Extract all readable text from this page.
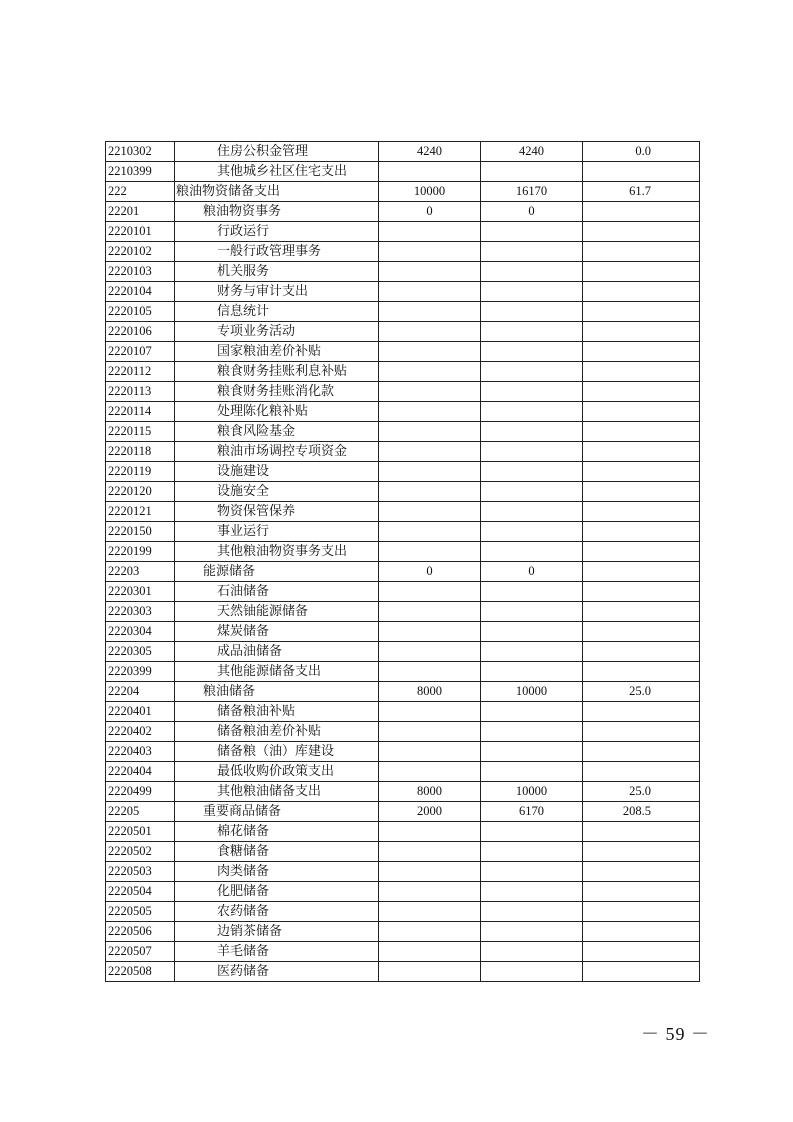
2210302	住房公积金管理	4240	4240	0.0
2210399	其他城乡社区住宅支出			
222	粮油物资储备支出	10000	16170	61.7
22201	粮油物资事务	0	0	
2220101	行政运行			
2220102	一般行政管理事务			
2220103	机关服务			
2220104	财务与审计支出			
2220105	信息统计			
2220106	专项业务活动			
2220107	国家粮油差价补贴			
2220112	粮食财务挂账利息补贴			
2220113	粮食财务挂账消化款			
2220114	处理陈化粮补贴			
2220115	粮食风险基金			
2220118	粮油市场调控专项资金			
2220119	设施建设			
2220120	设施安全			
2220121	物资保管保养			
2220150	事业运行			
2220199	其他粮油物资事务支出			
22203	能源储备	0	0	
2220301	石油储备			
2220303	天然铀能源储备			
2220304	煤炭储备			
2220305	成品油储备			
2220399	其他能源储备支出			
22204	粮油储备	8000	10000	25.0
2220401	储备粮油补贴			
2220402	储备粮油差价补贴			
2220403	储备粮（油）库建设			
2220404	最低收购价政策支出			
2220499	其他粮油储备支出	8000	10000	25.0
22205	重要商品储备	2000	6170	208.5
2220501	棉花储备			
2220502	食糖储备			
2220503	肉类储备			
2220504	化肥储备			
2220505	农药储备			
2220506	边销茶储备			
2220507	羊毛储备			
2220508	医药储备			
－ 59 －
